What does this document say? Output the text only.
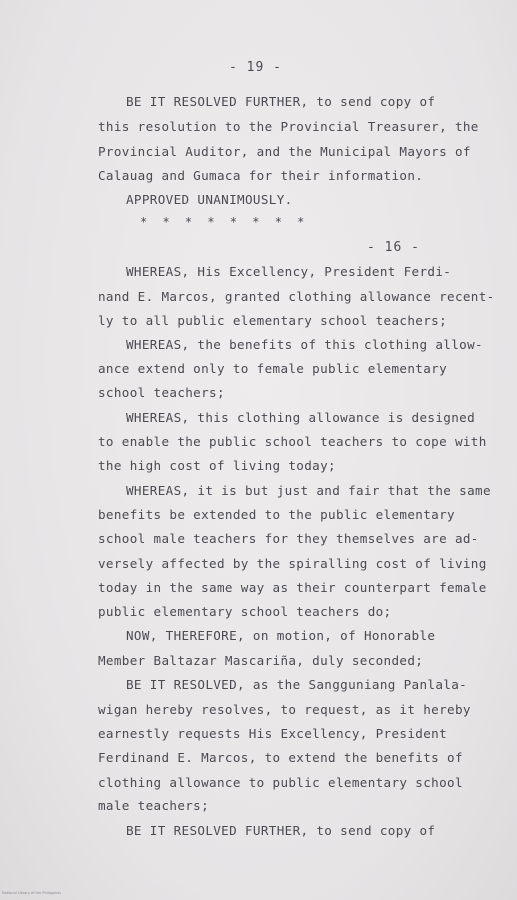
- 19 -
BE IT RESOLVED FURTHER, to send copy of
this resolution to the Provincial Treasurer, the
Provincial Auditor, and the Municipal Mayors of
Calauag and Gumaca for their information.
APPROVED UNANIMOUSLY.
* * * * * * * *
- 16 -
WHEREAS, His Excellency, President Ferdi-
nand E. Marcos, granted clothing allowance recent-
ly to all public elementary school teachers;
WHEREAS, the benefits of this clothing allow-
ance extend only to female public elementary
school teachers;
WHEREAS, this clothing allowance is designed
to enable the public school teachers to cope with
the high cost of living today;
WHEREAS, it is but just and fair that the same
benefits be extended to the public elementary
school male teachers for they themselves are ad-
versely affected by the spiralling cost of living
today in the same way as their counterpart female
public elementary school teachers do;
NOW, THEREFORE, on motion, of Honorable
Member Baltazar Mascariña, duly seconded;
BE IT RESOLVED, as the Sangguniang Panlala-
wigan hereby resolves, to request, as it hereby
earnestly requests His Excellency, President
Ferdinand E. Marcos, to extend the benefits of
clothing allowance to public elementary school
male teachers;
BE IT RESOLVED FURTHER, to send copy of
National Library of the Philippines
